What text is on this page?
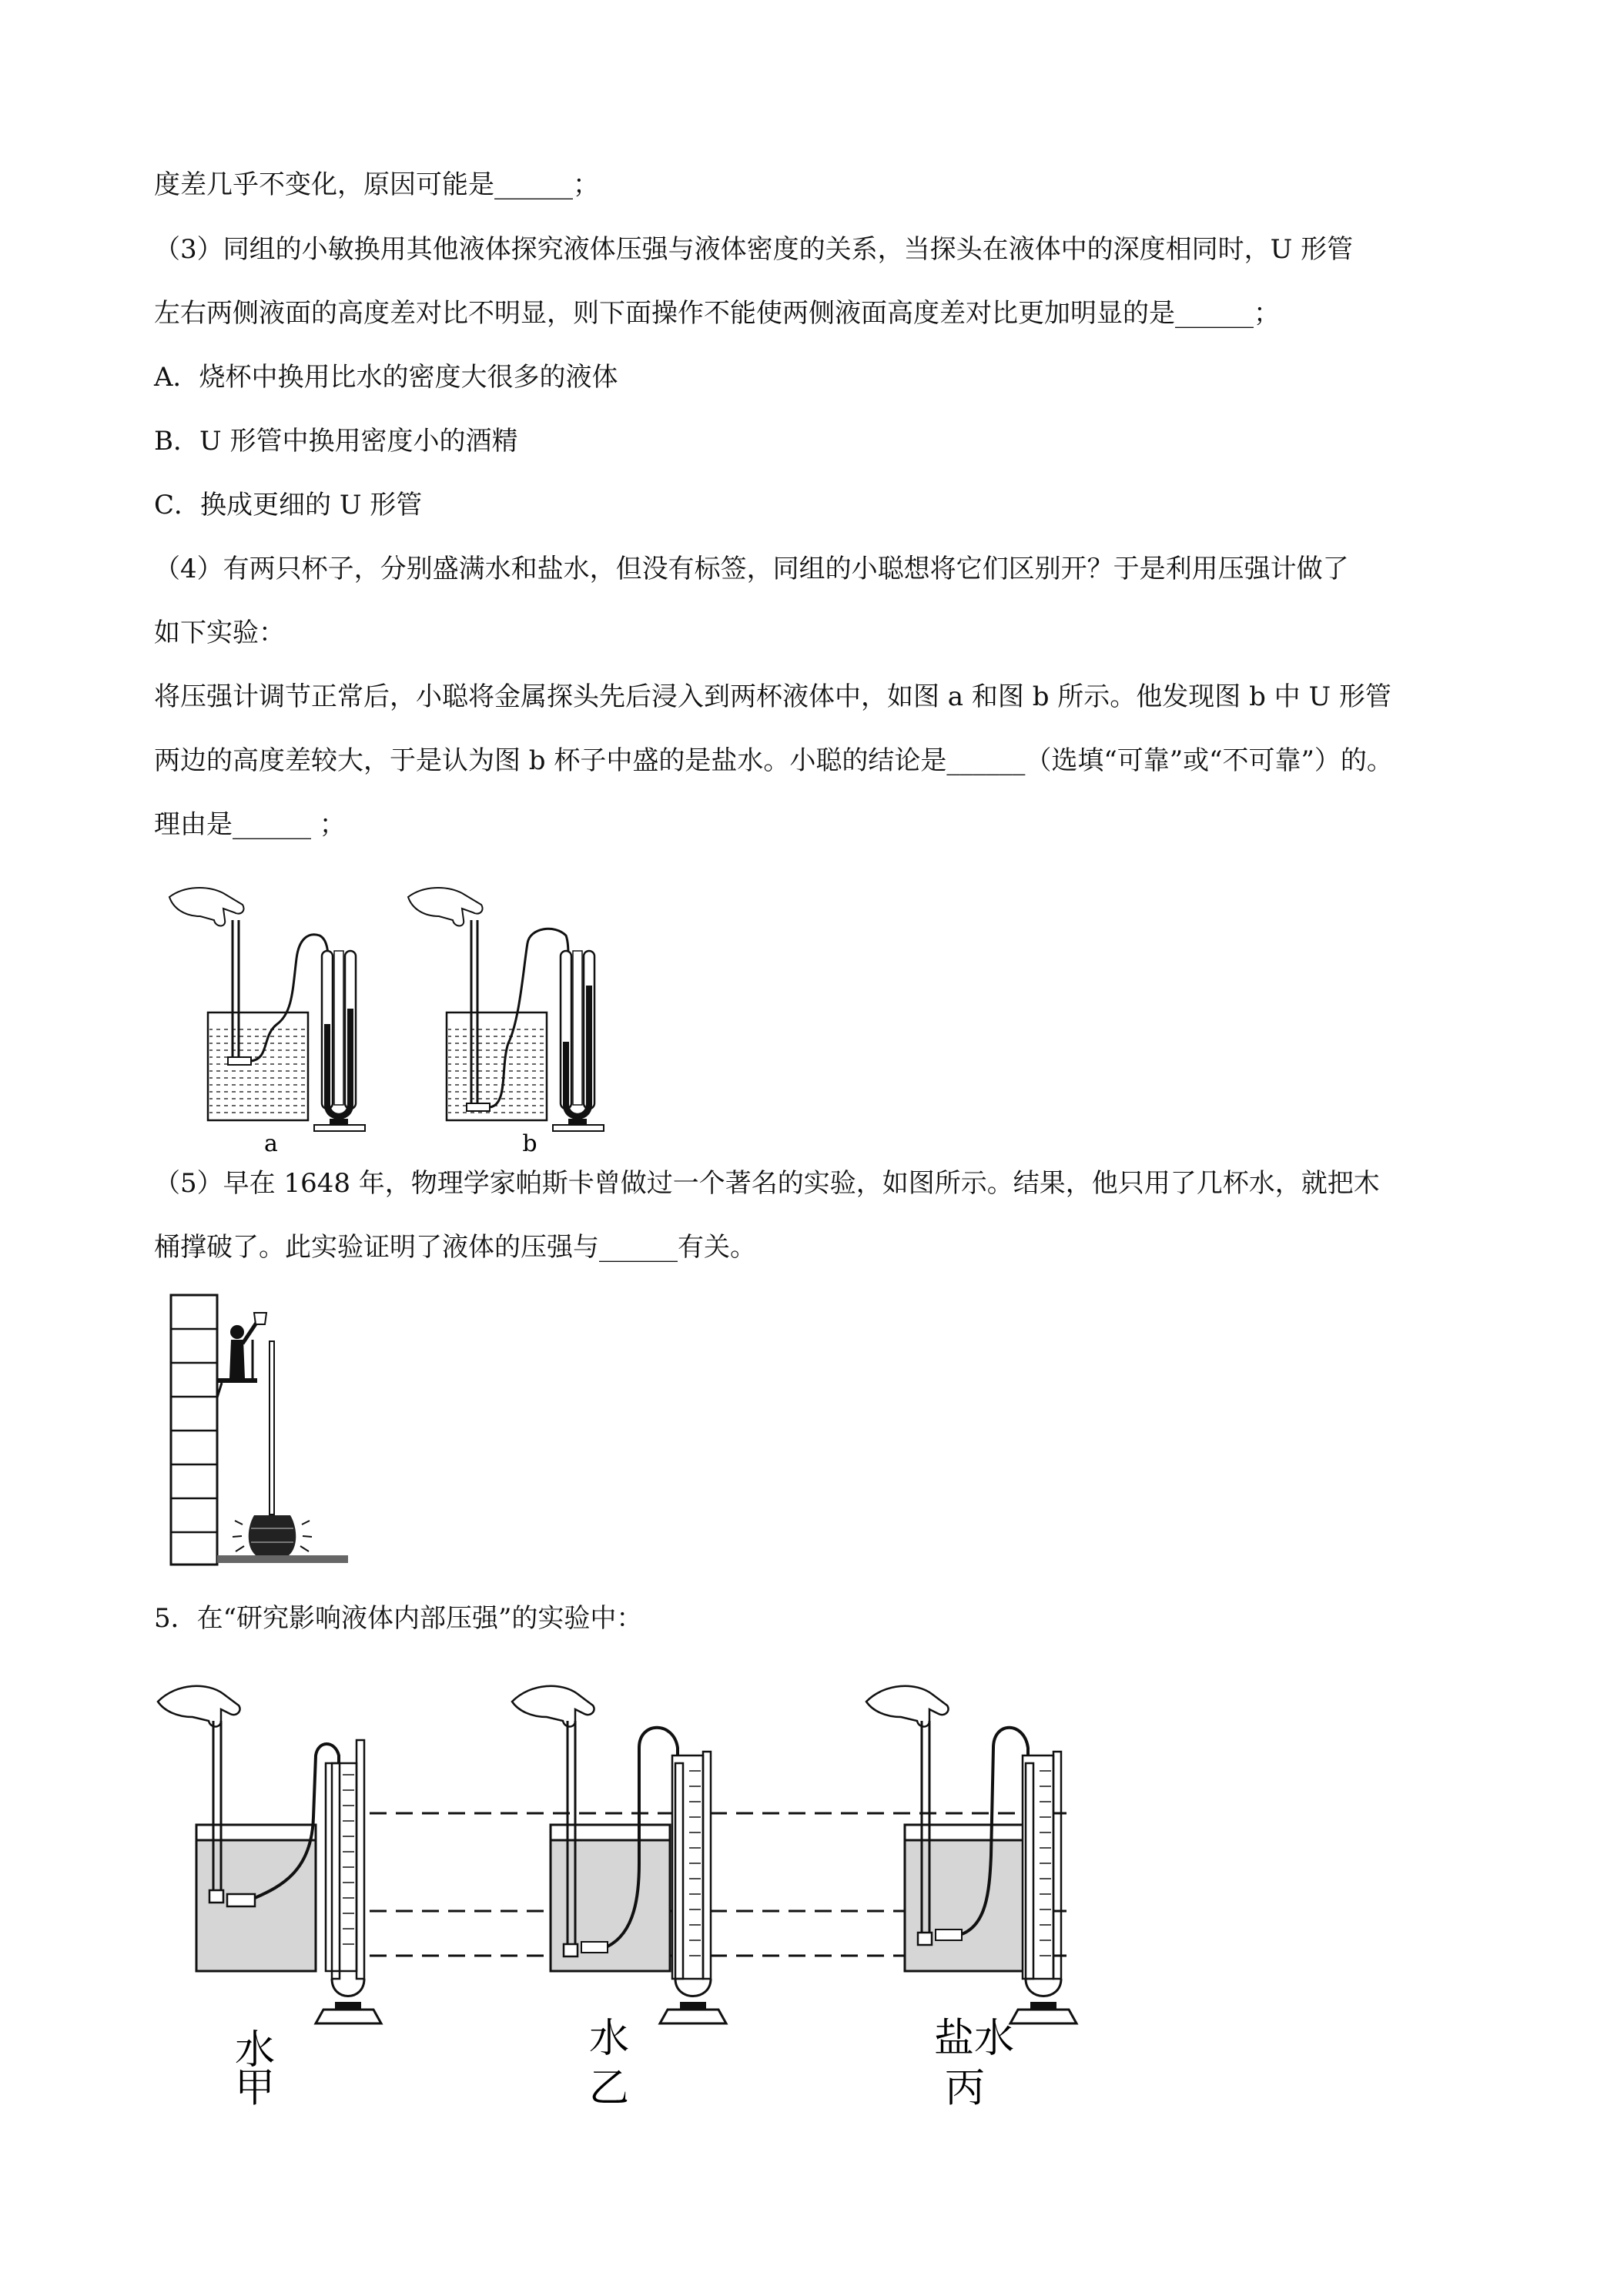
度差几乎不变化，原因可能是______；
（3）同组的小敏换用其他液体探究液体压强与液体密度的关系，当探头在液体中的深度相同时，U 形管
左右两侧液面的高度差对比不明显，则下面操作不能使两侧液面高度差对比更加明显的是______；
A．烧杯中换用比水的密度大很多的液体
B．U 形管中换用密度小的酒精
C．换成更细的 U 形管
（4）有两只杯子，分别盛满水和盐水，但没有标签，同组的小聪想将它们区别开？于是利用压强计做了
如下实验：
将压强计调节正常后，小聪将金属探头先后浸入到两杯液体中，如图 a 和图 b 所示。他发现图 b 中 U 形管
两边的高度差较大，于是认为图 b 杯子中盛的是盐水。小聪的结论是______（选填“可靠”或“不可靠”）的。
理由是______ ；
（5）早在 1648 年，物理学家帕斯卡曾做过一个著名的实验，如图所示。结果，他只用了几杯水，就把木
桶撑破了。此实验证明了液体的压强与______有关。
5．在“研究影响液体内部压强”的实验中：
a	b
水
甲
水
乙
盐水
丙
